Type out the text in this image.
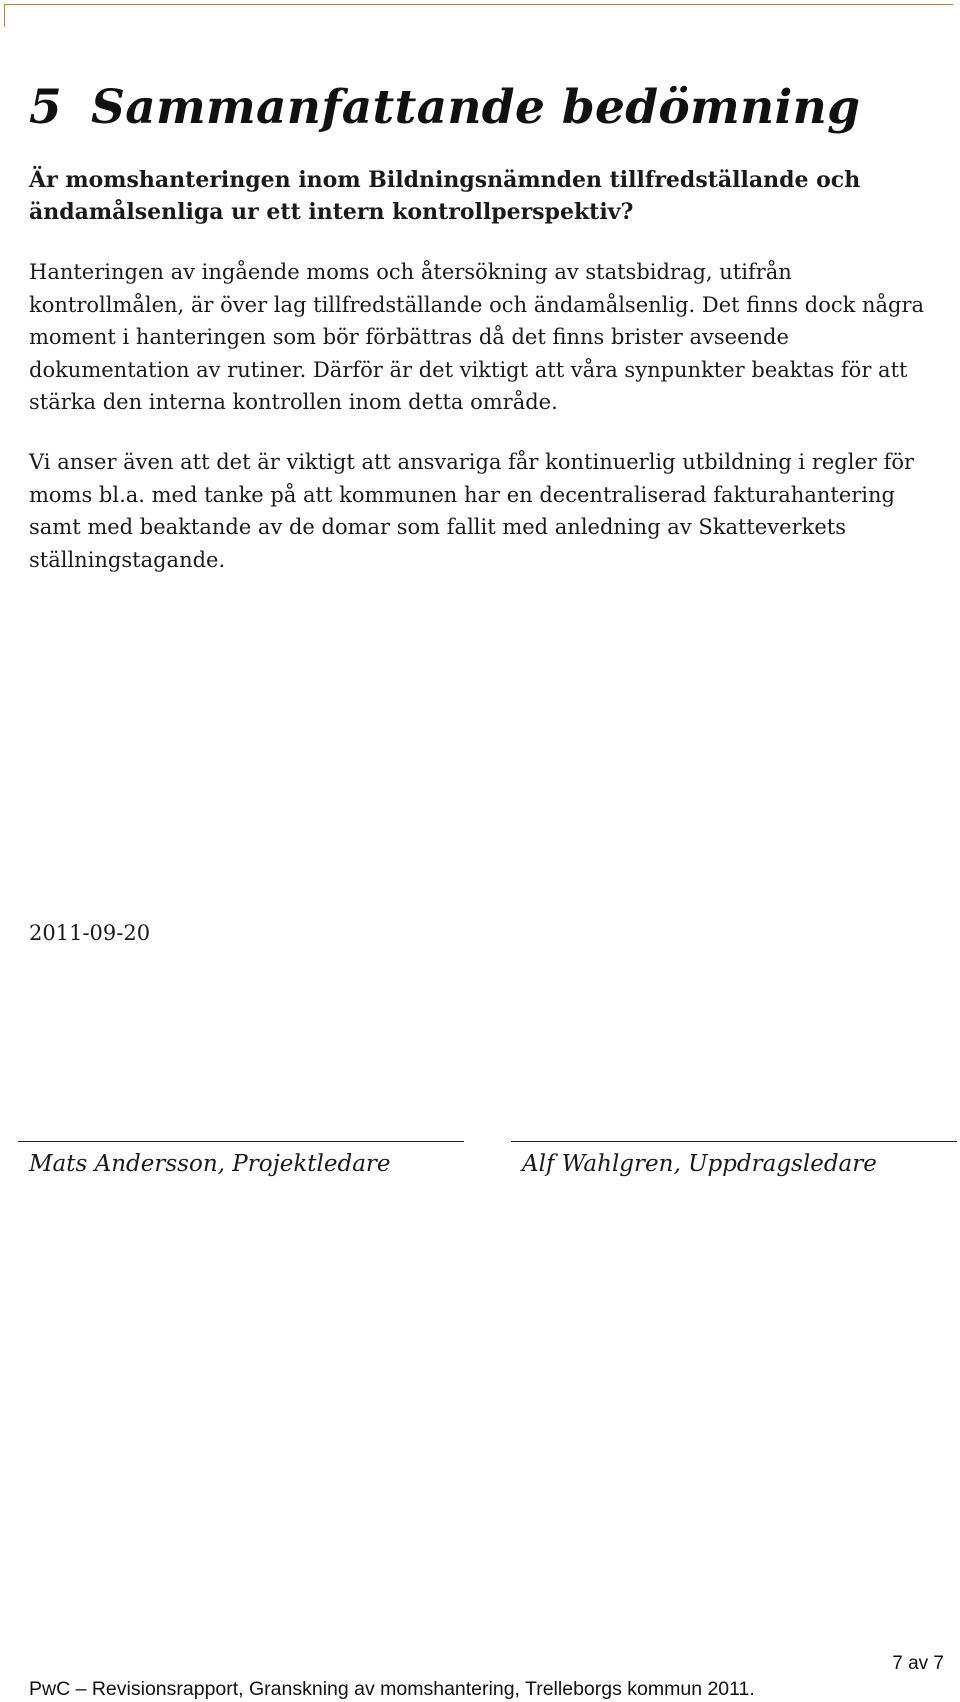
5 Sammanfattande bedömning

Är momshanteringen inom Bildningsnämnden tillfredställande och ändamålsenliga ur ett intern kontrollperspektiv?

Hanteringen av ingående moms och återsökning av statsbidrag, utifrån kontrollmålen, är över lag tillfredställande och ändamålsenlig. Det finns dock några moment i hanteringen som bör förbättras då det finns brister avseende dokumentation av rutiner. Därför är det viktigt att våra synpunkter beaktas för att stärka den interna kontrollen inom detta område.

Vi anser även att det är viktigt att ansvariga får kontinuerlig utbildning i regler för moms bl.a. med tanke på att kommunen har en decentraliserad fakturahantering samt med beaktande av de domar som fallit med anledning av Skatteverkets ställningstagande.

2011-09-20

Mats Andersson, Projektledare	Alf Wahlgren, Uppdragsledare

7 av 7

PwC – Revisionsrapport, Granskning av momshantering, Trelleborgs kommun 2011.
